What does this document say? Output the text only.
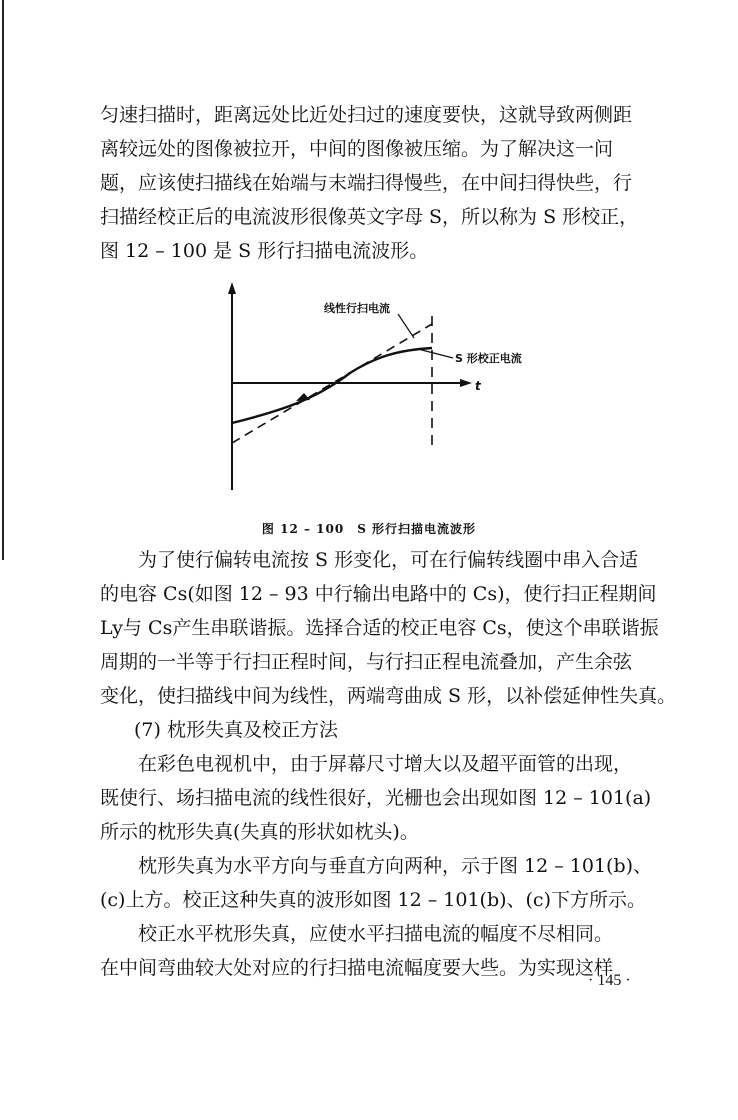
匀速扫描时，距离远处比近处扫过的速度要快，这就导致两侧距
离较远处的图像被拉开，中间的图像被压缩。为了解决这一问
题，应该使扫描线在始端与末端扫得慢些，在中间扫得快些，行
扫描经校正后的电流波形很像英文字母 S，所以称为 S 形校正，
图 12 – 100 是 S 形行扫描电流波形。
t
线性行扫电流
S 形校正电流
图 12 – 100　S 形行扫描电流波形
为了使行偏转电流按 S 形变化，可在行偏转线圈中串入合适
的电容 Cs(如图 12 – 93 中行输出电路中的 Cs)，使行扫正程期间
Ly与 Cs产生串联谐振。选择合适的校正电容 Cs，使这个串联谐振
周期的一半等于行扫正程时间，与行扫正程电流叠加，产生余弦
变化，使扫描线中间为线性，两端弯曲成 S 形，以补偿延伸性失真。
(7) 枕形失真及校正方法
在彩色电视机中，由于屏幕尺寸增大以及超平面管的出现，
既使行、场扫描电流的线性很好，光栅也会出现如图 12 – 101(a)
所示的枕形失真(失真的形状如枕头)。
枕形失真为水平方向与垂直方向两种，示于图 12 – 101(b)、
(c)上方。校正这种失真的波形如图 12 – 101(b)、(c)下方所示。
校正水平枕形失真，应使水平扫描电流的幅度不尽相同。
在中间弯曲较大处对应的行扫描电流幅度要大些。为实现这样
· 145 ·
